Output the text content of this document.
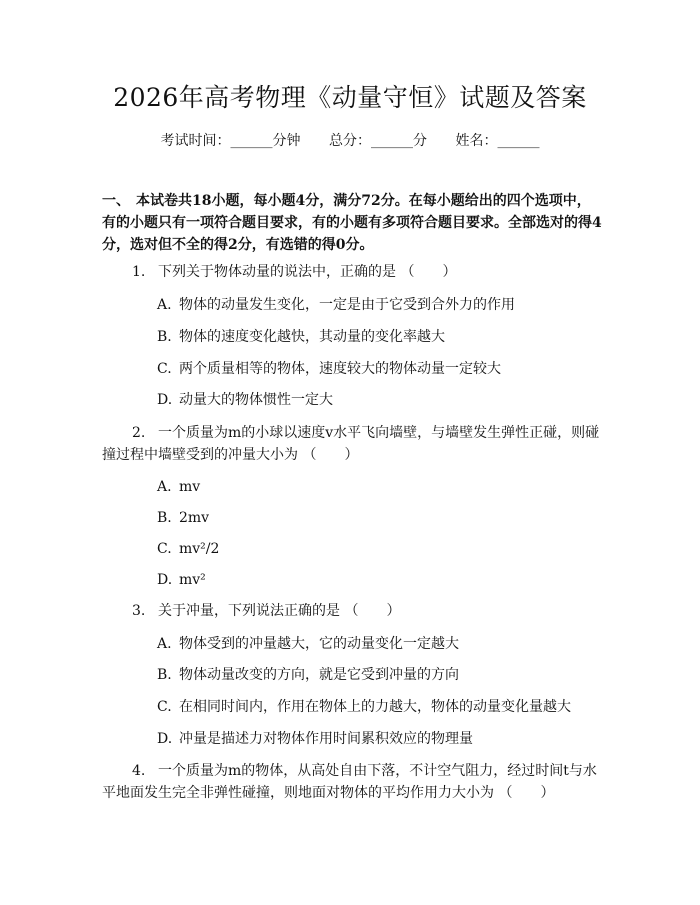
2026年高考物理《动量守恒》试题及答案
考试时间：______分钟 总分：______分 姓名：______
一、 本试卷共18小题，每小题4分，满分72分。在每小题给出的四个选项中，有的小题只有一项符合题目要求，有的小题有多项符合题目要求。全部选对的得4分，选对但不全的得2分，有选错的得0分。
1. 下列关于物体动量的说法中，正确的是 （　　）
A. 物体的动量发生变化，一定是由于它受到合外力的作用
B. 物体的速度变化越快，其动量的变化率越大
C. 两个质量相等的物体，速度较大的物体动量一定较大
D. 动量大的物体惯性一定大
2. 一个质量为m的小球以速度v水平飞向墙壁，与墙壁发生弹性正碰，则碰撞过程中墙壁受到的冲量大小为 （　　）
A. mv
B. 2mv
C. mv²/2
D. mv²
3. 关于冲量，下列说法正确的是 （　　）
A. 物体受到的冲量越大，它的动量变化一定越大
B. 物体动量改变的方向，就是它受到冲量的方向
C. 在相同时间内，作用在物体上的力越大，物体的动量变化量越大
D. 冲量是描述力对物体作用时间累积效应的物理量
4. 一个质量为m的物体，从高处自由下落，不计空气阻力，经过时间t与水平地面发生完全非弹性碰撞，则地面对物体的平均作用力大小为 （　　）
